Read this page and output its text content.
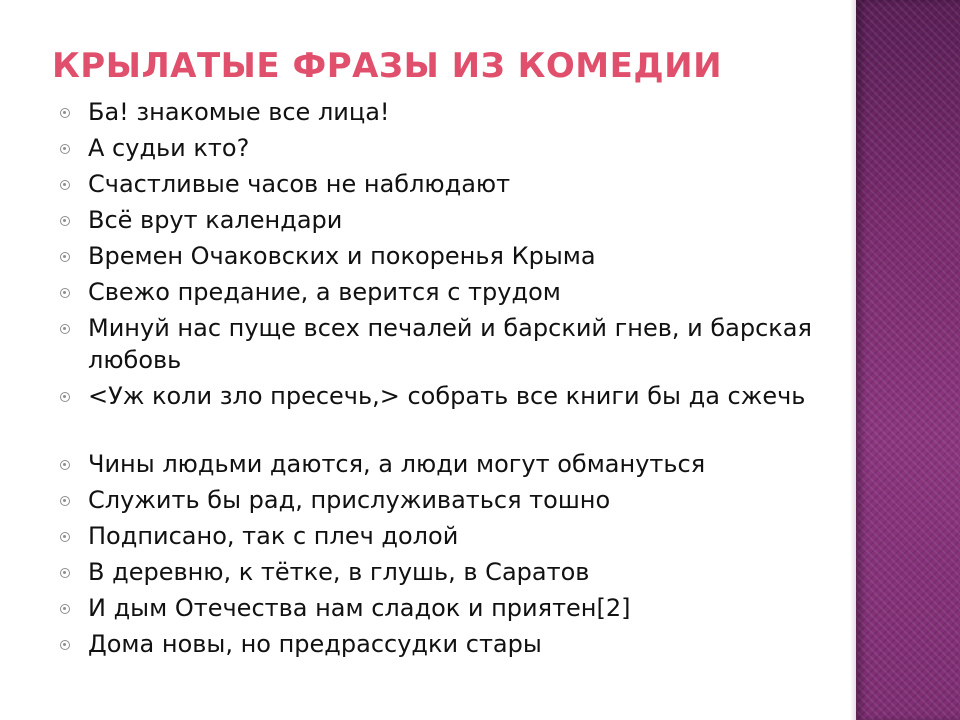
КРЫЛАТЫЕ ФРАЗЫ ИЗ КОМЕДИИ
Ба! знакомые все лица!
А судьи кто?
Счастливые часов не наблюдают
Всё врут календари
Времен Очаковских и покоренья Крыма
Свежо предание, а верится с трудом
Минуй нас пуще всех печалей и барский гнев, и барская любовь
<Уж коли зло пресечь,> собрать все книги бы да сжечь
Чины людьми даются, а люди могут обмануться
Служить бы рад, прислуживаться тошно
Подписано, так с плеч долой
В деревню, к тётке, в глушь, в Саратов
И дым Отечества нам сладок и приятен[2]
Дома новы, но предрассудки стары
